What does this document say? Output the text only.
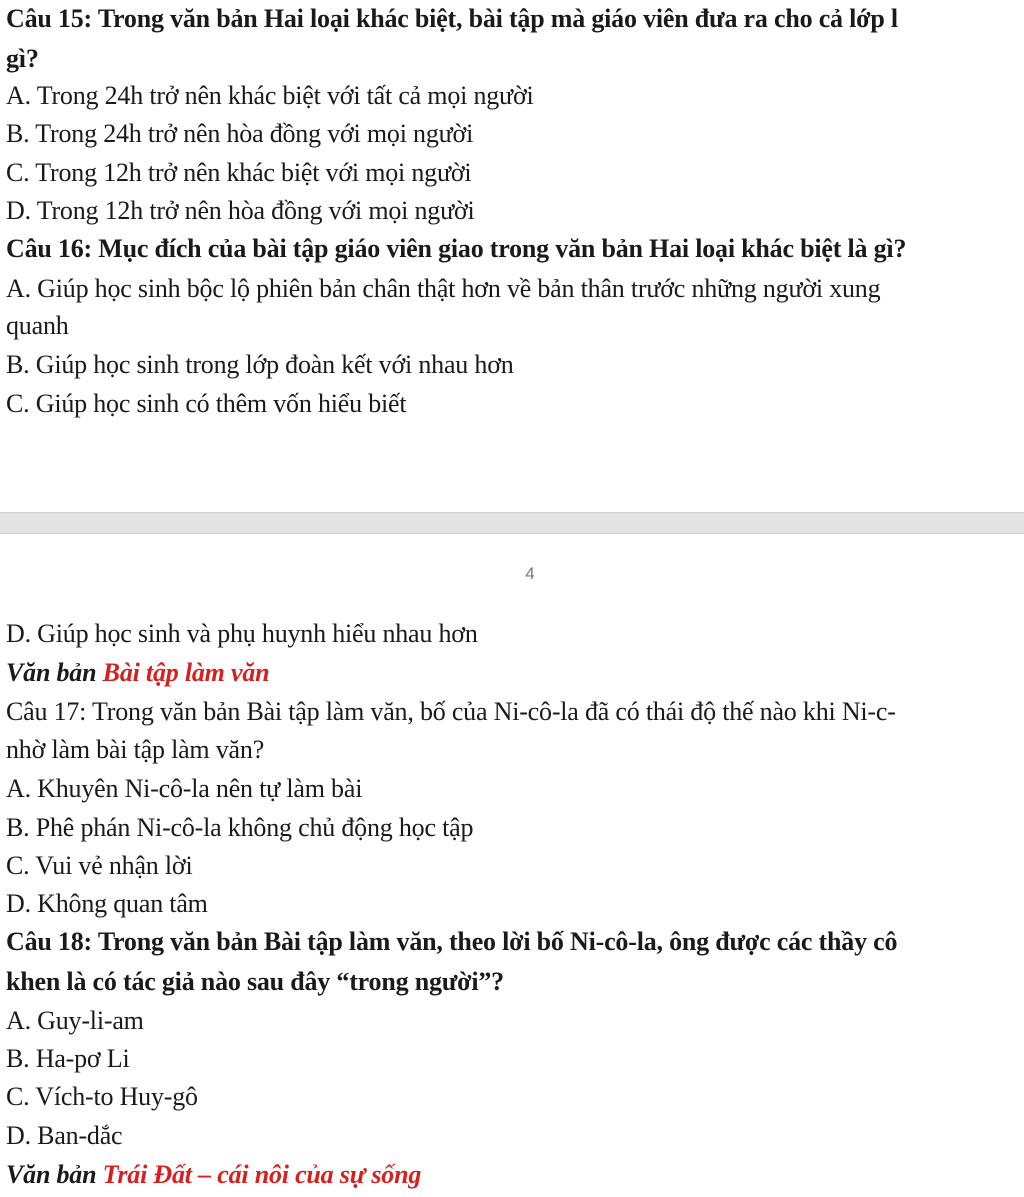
Câu 15: Trong văn bản Hai loại khác biệt, bài tập mà giáo viên đưa ra cho cả lớp l
gì?
A. Trong 24h trở nên khác biệt với tất cả mọi người
B. Trong 24h trở nên hòa đồng với mọi người
C. Trong 12h trở nên khác biệt với mọi người
D. Trong 12h trở nên hòa đồng với mọi người
Câu 16: Mục đích của bài tập giáo viên giao trong văn bản Hai loại khác biệt là gì?
A. Giúp học sinh bộc lộ phiên bản chân thật hơn về bản thân trước những người xung
quanh
B. Giúp học sinh trong lớp đoàn kết với nhau hơn
C. Giúp học sinh có thêm vốn hiểu biết
4
D. Giúp học sinh và phụ huynh hiểu nhau hơn
Văn bản Bài tập làm văn
Câu 17: Trong văn bản Bài tập làm văn, bố của Ni-cô-la đã có thái độ thế nào khi Ni-c-
nhờ làm bài tập làm văn?
A. Khuyên Ni-cô-la nên tự làm bài
B. Phê phán Ni-cô-la không chủ động học tập
C. Vui vẻ nhận lời
D. Không quan tâm
Câu 18: Trong văn bản Bài tập làm văn, theo lời bố Ni-cô-la, ông được các thầy cô
khen là có tác giả nào sau đây “trong người”?
A. Guy-li-am
B. Ha-pơ Li
C. Vích-to Huy-gô
D. Ban-dắc
Văn bản Trái Đất – cái nôi của sự sống
